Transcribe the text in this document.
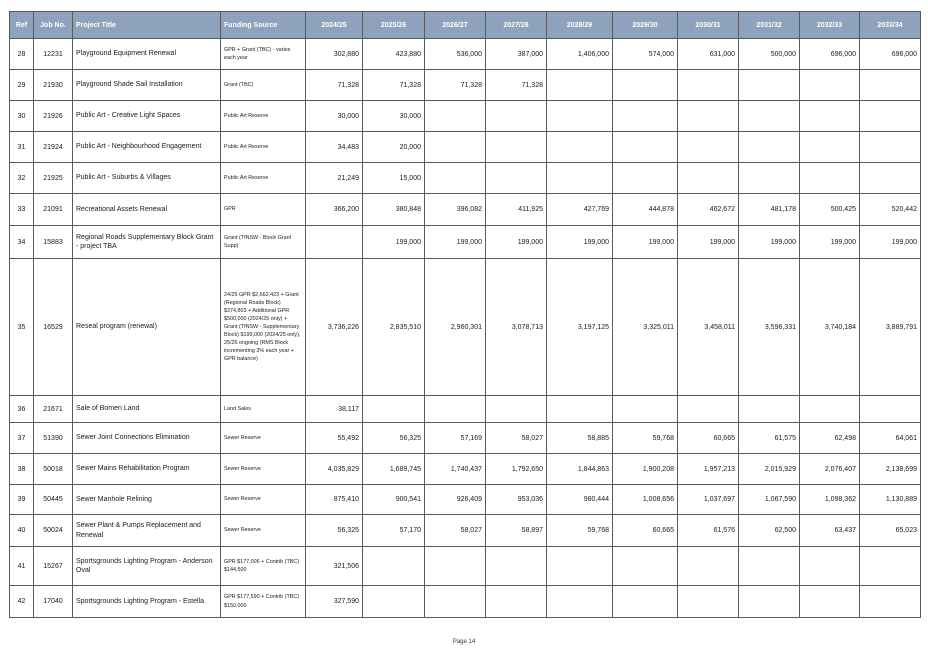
Ref	Job No.	Project Title	Funding Source	2024/25	2025/26	2026/27	2027/28	2028/29	2029/30	2030/31	2031/32	2032/33	2033/34
28	12231	Playground Equipment Renewal	GPR + Grant (TBC) - varies each year	302,880	423,880	536,000	387,000	1,406,000	574,000	631,000	500,000	696,000	696,000
29	21930	Playground Shade Sail Installation	Grant (TBC)	71,328	71,328	71,328	71,328						
30	21926	Public Art - Creative Light Spaces	Public Art Reserve	30,000	30,000								
31	21924	Public Art - Neighbourhood Engagement	Public Art Reserve	34,483	20,000								
32	21925	Public Art - Suburbs & Villages	Public Art Reserve	21,249	15,000								
33	21091	Recreational Assets Renewal	GPR	366,200	380,848	396,082	411,925	427,769	444,878	462,672	481,178	500,425	520,442
34	15883	Regional Roads Supplementary Block Grant - project TBA	Grant (TfNSW - Block Grant Supp)		199,000	199,000	199,000	199,000	199,000	199,000	199,000	199,000	199,000
35	16529	Reseal program (renewal)	24/25 GPR $2,662,423 + Grant (Regional Roads Block) $374,803 + Additional GPR $500,000 (2024/25 only) + Grant (TfNSW - Supplementary Block) $199,000 (2024/25 only), 25/26 ongoing (RMS Block incrementing 3% each year + GPR balance)	3,736,226	2,835,510	2,960,301	3,078,713	3,197,125	3,325,011	3,458,011	3,596,331	3,740,184	3,889,791
36	21671	Sale of Bomen Land	Land Sales	38,117									
37	51390	Sewer Joint Connections Elimination	Sewer Reserve	55,492	56,325	57,169	58,027	58,885	59,768	60,665	61,575	62,498	64,061
38	50018	Sewer Mains Rehabilitation Program	Sewer Reserve	4,035,829	1,689,745	1,740,437	1,792,650	1,844,863	1,900,208	1,957,213	2,015,929	2,076,407	2,138,699
39	50445	Sewer Manhole Relining	Sewer Reserve	875,410	900,541	926,409	953,036	980,444	1,008,656	1,037,697	1,067,590	1,098,362	1,130,889
40	50024	Sewer Plant & Pumps Replacement and Renewal	Sewer Reserve	56,325	57,170	58,027	58,897	59,768	60,665	61,576	62,500	63,437	65,023
41	15267	Sportsgrounds Lighting Program - Anderson Oval	GPR $177,006 + Contrib (TBC) $144,500	321,506									
42	17040	Sportsgrounds Lighting Program - Estella	GPR $177,590 + Contrib (TBC) $150,000	327,590									
Page 14
